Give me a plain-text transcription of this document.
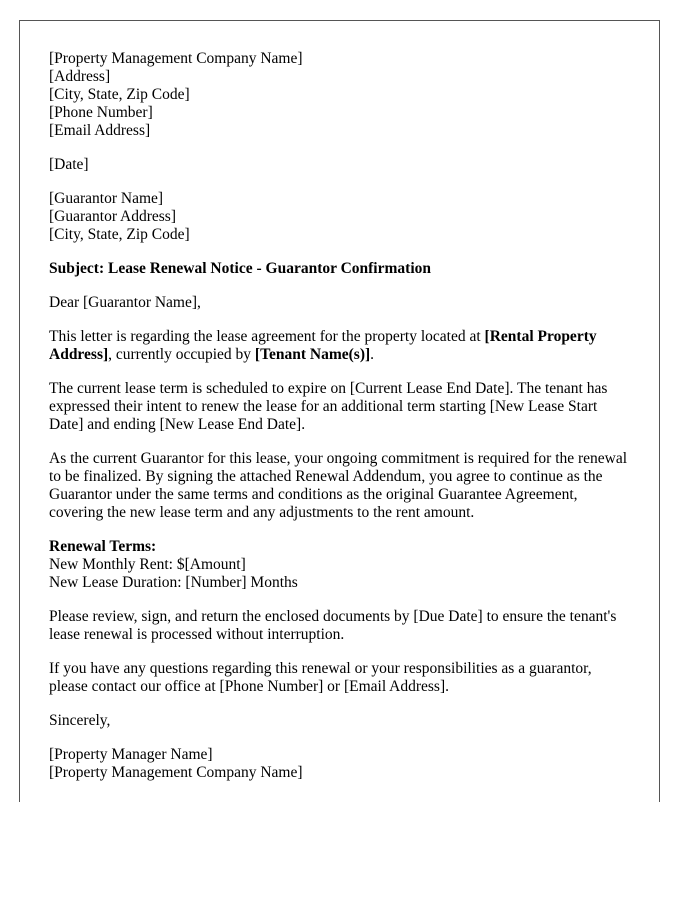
[Property Management Company Name]
[Address]
[City, State, Zip Code]
[Phone Number]
[Email Address]
[Date]
[Guarantor Name]
[Guarantor Address]
[City, State, Zip Code]

Subject: Lease Renewal Notice - Guarantor Confirmation

Dear [Guarantor Name],

This letter is regarding the lease agreement for the property located at [Rental Property Address], currently occupied by [Tenant Name(s)].

The current lease term is scheduled to expire on [Current Lease End Date]. The tenant has expressed their intent to renew the lease for an additional term starting [New Lease Start Date] and ending [New Lease End Date].

As the current Guarantor for this lease, your ongoing commitment is required for the renewal to be finalized. By signing the attached Renewal Addendum, you agree to continue as the Guarantor under the same terms and conditions as the original Guarantee Agreement, covering the new lease term and any adjustments to the rent amount.

Renewal Terms:
New Monthly Rent: $[Amount]
New Lease Duration: [Number] Months

Please review, sign, and return the enclosed documents by [Due Date] to ensure the tenant's lease renewal is processed without interruption.

If you have any questions regarding this renewal or your responsibilities as a guarantor, please contact our office at [Phone Number] or [Email Address].

Sincerely,

[Property Manager Name]
[Property Management Company Name]
